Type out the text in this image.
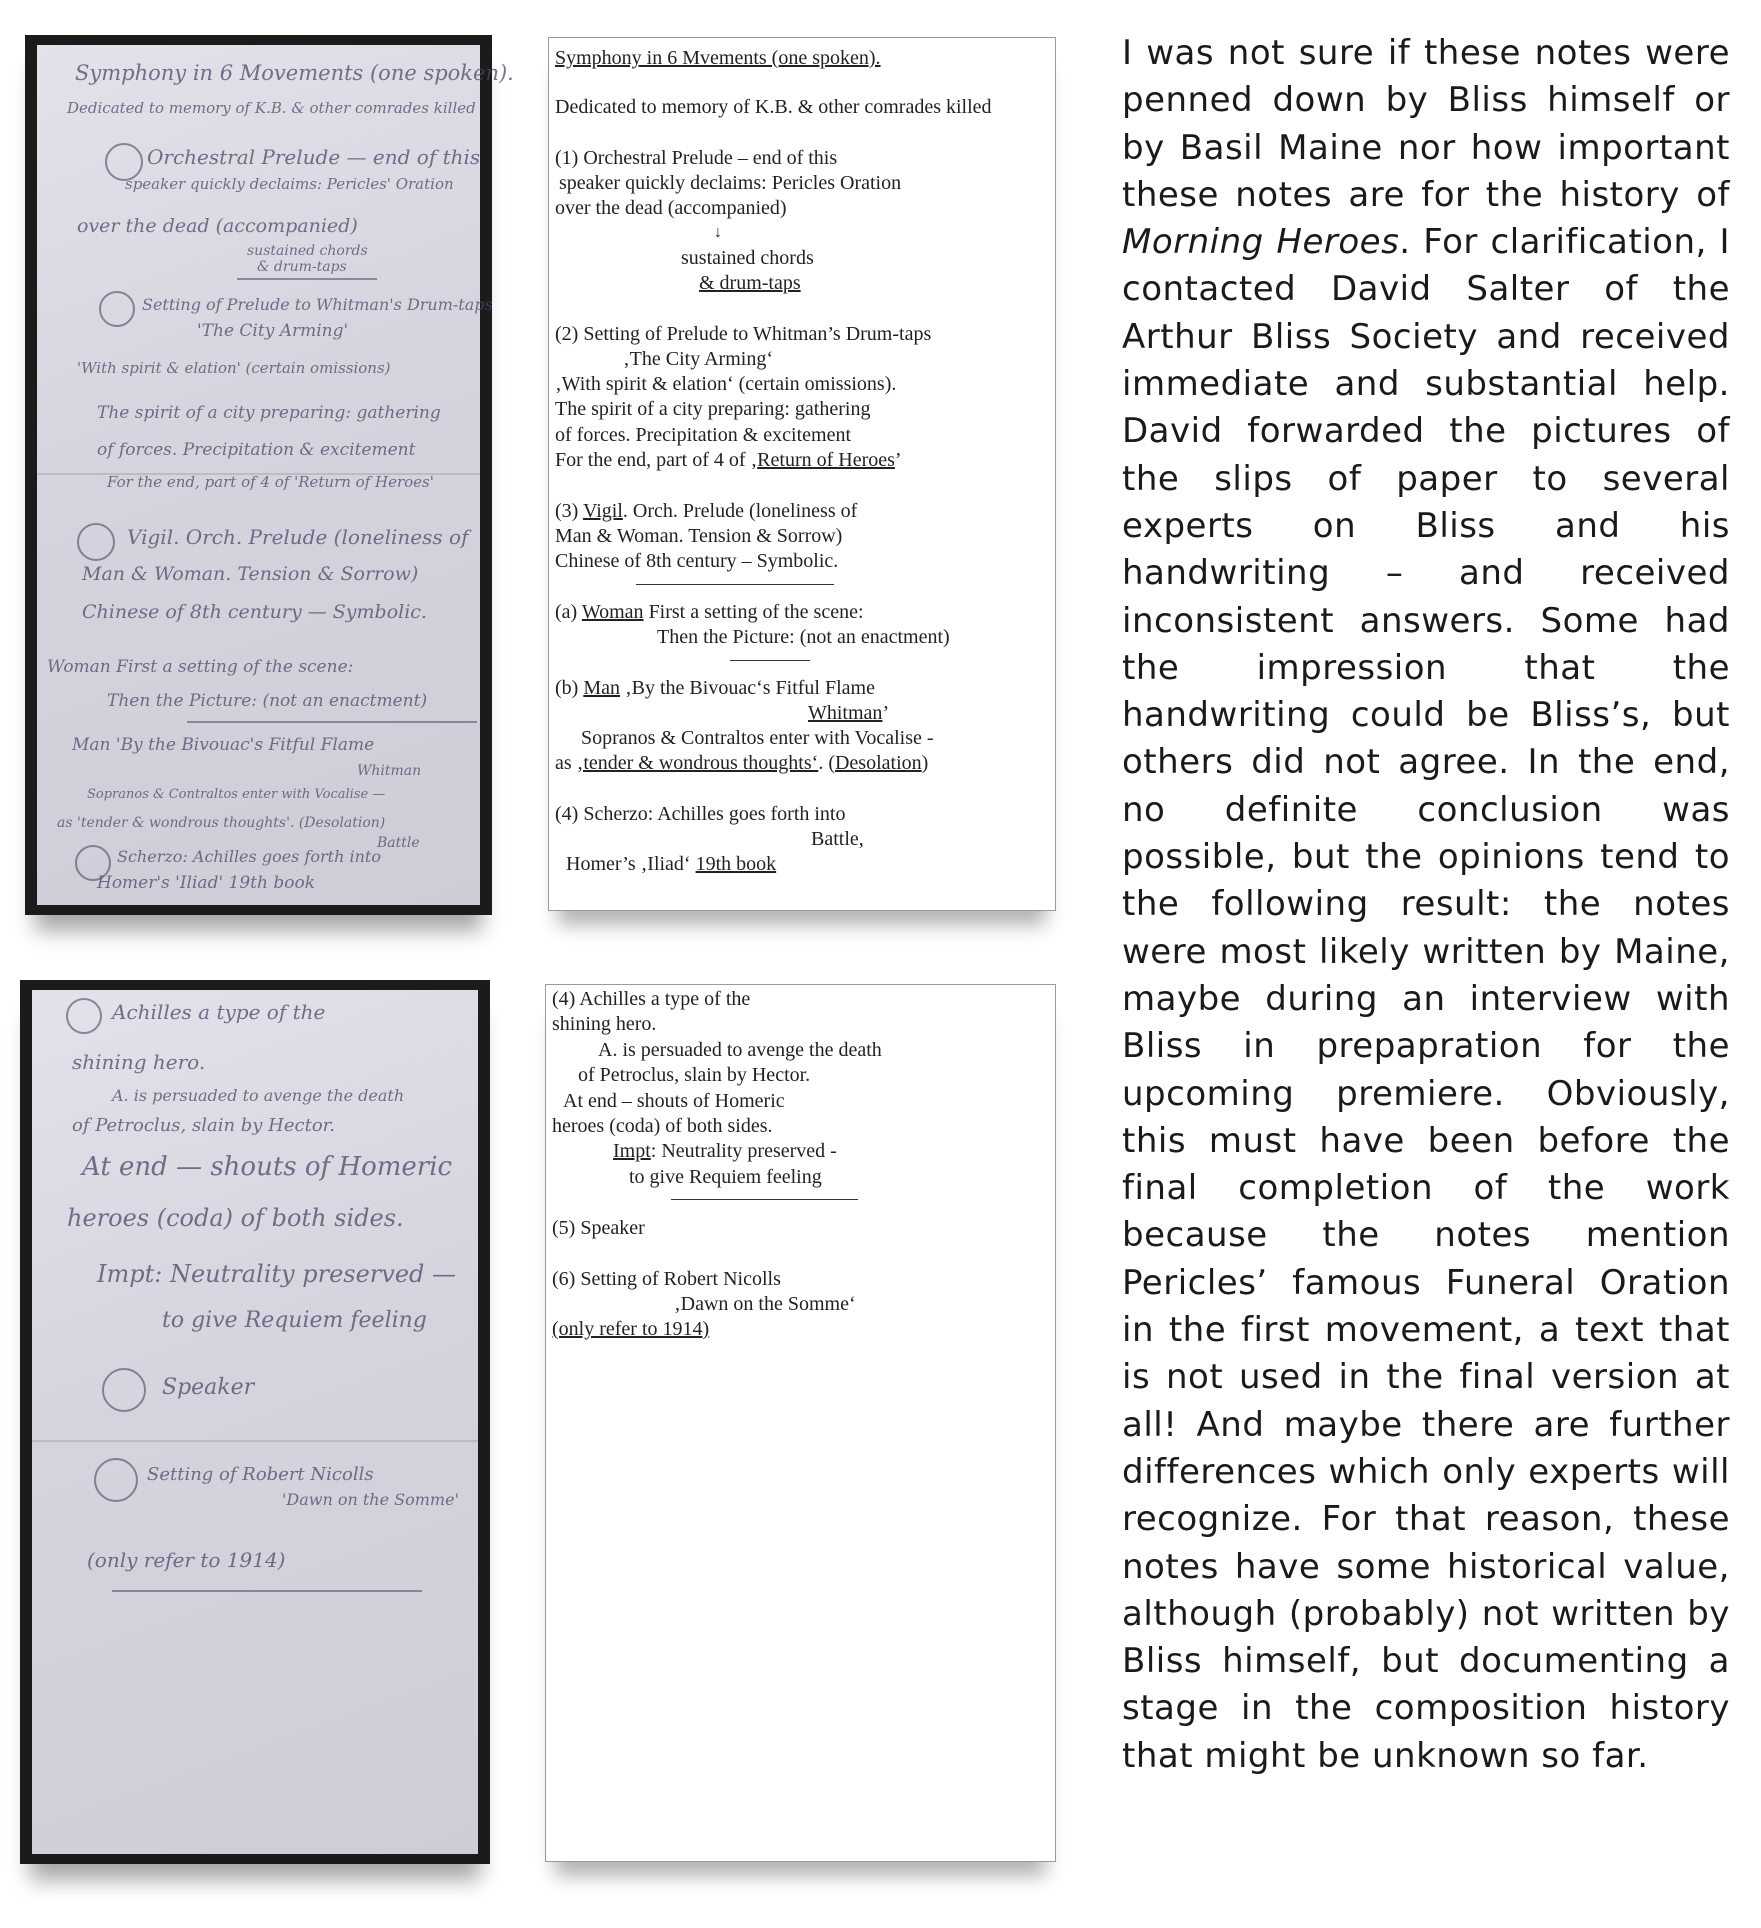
Symphony in 6 Movements (one spoken).
Dedicated to memory of K.B. & other comrades killed
Orchestral Prelude — end of this
speaker quickly declaims: Pericles' Oration
over the dead (accompanied)
sustained chords
& drum-taps
Setting of Prelude to Whitman's Drum-taps
'The City Arming'
'With spirit & elation' (certain omissions)
The spirit of a city preparing: gathering
of forces. Precipitation & excitement
For the end, part of 4 of 'Return of Heroes'
Vigil. Orch. Prelude (loneliness of
Man & Woman. Tension & Sorrow)
Chinese of 8th century — Symbolic.
Woman First a setting of the scene:
Then the Picture: (not an enactment)
Man 'By the Bivouac's Fitful Flame
Whitman
Sopranos & Contraltos enter with Vocalise —
as 'tender & wondrous thoughts'. (Desolation)
Scherzo: Achilles goes forth into
Battle
Homer's 'Iliad' 19th book
Symphony in 6 Mvements (one spoken).
Dedicated to memory of K.B. & other comrades killed
(1) Orchestral Prelude – end of this
speaker quickly declaims: Pericles Oration
over the dead (accompanied)
↓
sustained chords
& drum-taps
(2) Setting of Prelude to Whitman’s Drum-taps
‚The City Arming‘
‚With spirit & elation‘ (certain omissions).
The spirit of a city preparing: gathering
of forces. Precipitation & excitement
For the end, part of 4 of ‚Return of Heroes’
(3) Vigil. Orch. Prelude (loneliness of
Man & Woman. Tension & Sorrow)
Chinese of 8th century – Symbolic.
(a) Woman First a setting of the scene:
Then the Picture: (not an enactment)
(b) Man ‚By the Bivouac‘s Fitful Flame
Whitman’
Sopranos & Contraltos enter with Vocalise -
as ‚tender & wondrous thoughts‘. (Desolation)
(4) Scherzo: Achilles goes forth into
Battle,
Homer’s ‚Iliad‘ 19th book
Achilles a type of the
shining hero.
A. is persuaded to avenge the death
of Petroclus, slain by Hector.
At end — shouts of Homeric
heroes (coda) of both sides.
Impt: Neutrality preserved —
to give Requiem feeling
Speaker
Setting of Robert Nicolls
'Dawn on the Somme'
(only refer to 1914)
(4) Achilles a type of the
shining hero.
A. is persuaded to avenge the death
of Petroclus, slain by Hector.
At end – shouts of Homeric
heroes (coda) of both sides.
Impt: Neutrality preserved -
to give Requiem feeling
(5) Speaker
(6) Setting of Robert Nicolls
‚Dawn on the Somme‘
(only refer to 1914)
I was not sure if these notes were penned down by Bliss himself or by Basil Maine nor how important these notes are for the history of Morning Heroes. For clarification, I contacted David Salter of the Arthur Bliss Society and received immediate and substantial help. David forwarded the pictures of the slips of paper to several experts on Bliss and his handwriting – and received inconsistent answers. Some had the impression that the handwriting could be Bliss’s, but others did not agree. In the end, no definite conclusion was possible, but the opinions tend to the following result: the notes were most likely written by Maine, maybe during an interview with Bliss in prepapration for the upcoming premiere. Obviously, this must have been before the final completion of the work because the notes mention Pericles’ famous Funeral Oration in the first movement, a text that is not used in the final version at all! And maybe there are further differences which only experts will recognize. For that reason, these notes have some historical value, although (probably) not written by Bliss himself, but documenting a stage in the composition history that might be unknown so far.
